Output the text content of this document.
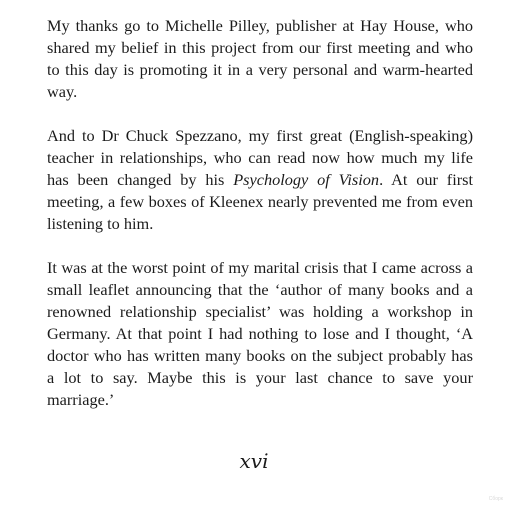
My thanks go to Michelle Pilley, publisher at Hay House, who shared my belief in this project from our first meeting and who to this day is promoting it in a very personal and warm-hearted way.

And to Dr Chuck Spezzano, my first great (English-speaking) teacher in relationships, who can read now how much my life has been changed by his Psychology of Vision. At our first meeting, a few boxes of Kleenex nearly prevented me from even listening to him.

It was at the worst point of my marital crisis that I came across a small leaflet announcing that the ‘author of many books and a renowned relationship specialist’ was holding a workshop in Germany. At that point I had nothing to lose and I thought, ‘A doctor who has written many books on the subject probably has a lot to say. Maybe this is your last chance to save your marriage.’

xvi
Сборк
